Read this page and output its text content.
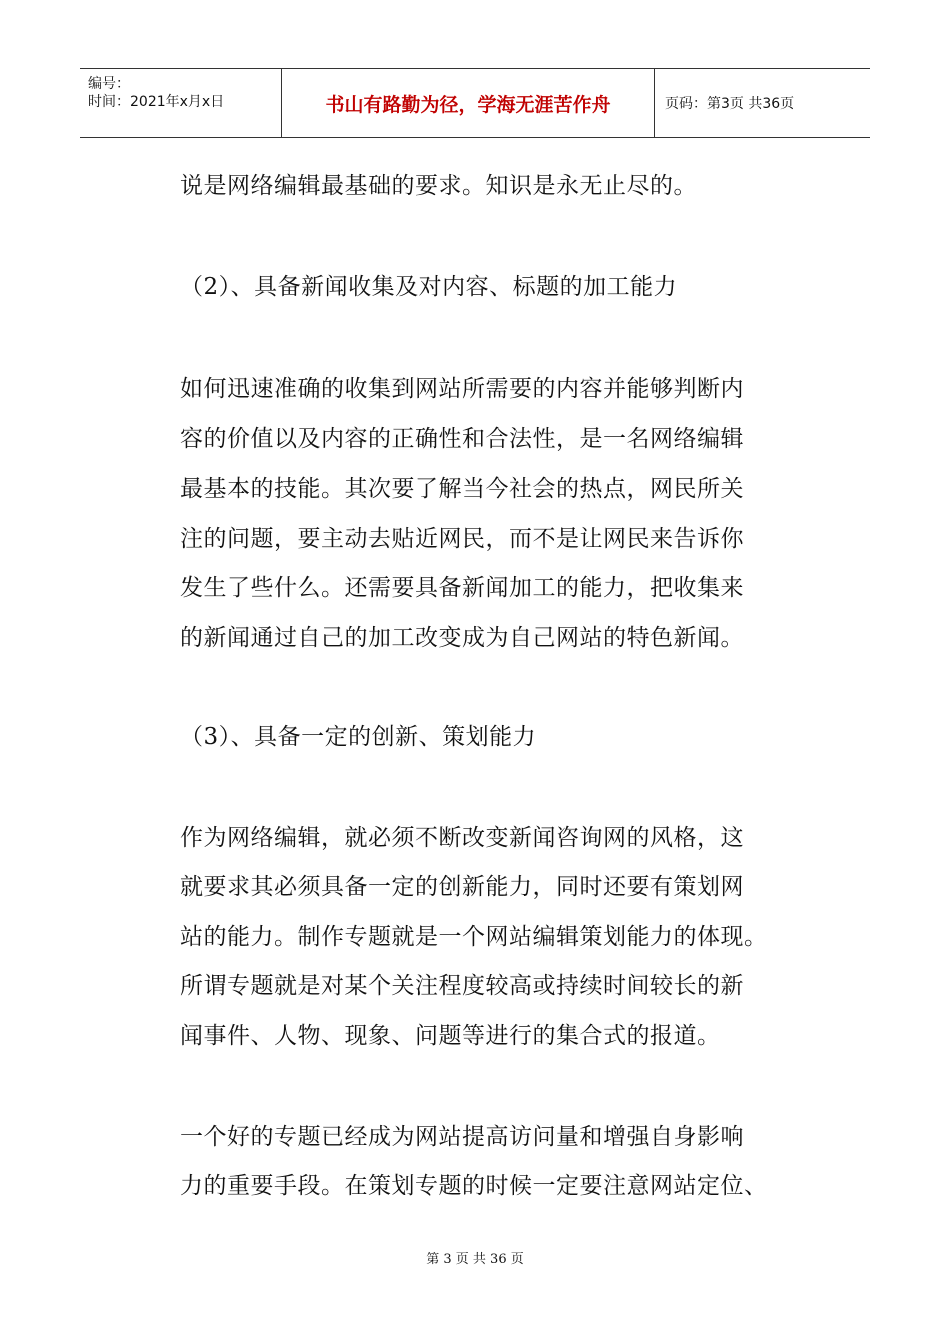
编号：
时间：2021年x月x日	书山有路勤为径，学海无涯苦作舟	页码：第3页 共36页
说是网络编辑最基础的要求。知识是永无止尽的。
（2）、具备新闻收集及对内容、标题的加工能力
如何迅速准确的收集到网站所需要的内容并能够判断内
容的价值以及内容的正确性和合法性，是一名网络编辑
最基本的技能。其次要了解当今社会的热点，网民所关
注的问题，要主动去贴近网民，而不是让网民来告诉你
发生了些什么。还需要具备新闻加工的能力，把收集来
的新闻通过自己的加工改变成为自己网站的特色新闻。
（3）、具备一定的创新、策划能力
作为网络编辑，就必须不断改变新闻咨询网的风格，这
就要求其必须具备一定的创新能力，同时还要有策划网
站的能力。制作专题就是一个网站编辑策划能力的体现。
所谓专题就是对某个关注程度较高或持续时间较长的新
闻事件、人物、现象、问题等进行的集合式的报道。
一个好的专题已经成为网站提高访问量和增强自身影响
力的重要手段。在策划专题的时候一定要注意网站定位、
第 3 页 共 36 页
